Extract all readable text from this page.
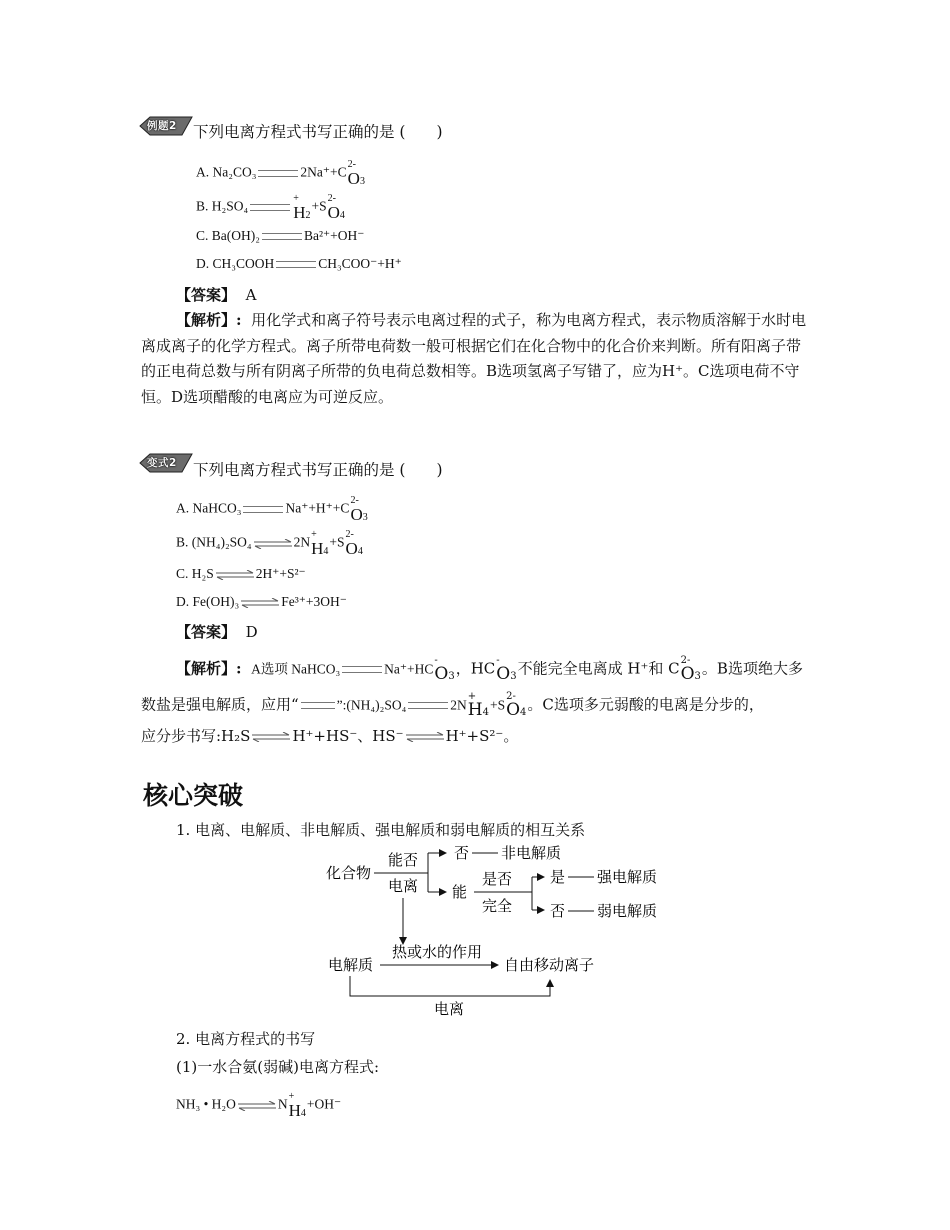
例题2 下列电离方程式书写正确的是 (　　)
A. Na₂CO₃	2Na⁺+C
2-
O3
B. H₂SO₄
+
H2
+S
2-
O4
C. Ba(OH)₂	Ba²⁺+OH⁻
D. CH₃COOH	CH₃COO⁻+H⁺
【答案】 A
【解析】: 用化学式和离子符号表示电离过程的式子，称为电离方程式，表示物质溶解于水时电离成离子的化学方程式。离子所带电荷数一般可根据它们在化合物中的化合价来判断。所有阳离子带的正电荷总数与所有阴离子所带的负电荷总数相等。B选项氢离子写错了，应为H⁺。C选项电荷不守恒。D选项醋酸的电离应为可逆反应。
变式2 下列电离方程式书写正确的是 (　　)
A. NaHCO₃	Na⁺+H⁺+C
2-
O3
B. (NH₄)₂SO₄	2N
+
H4
+S
2-
O4
C. H₂S	2H⁺+S²⁻
D. Fe(OH)₃	Fe³⁺+3OH⁻
【答案】 D
【解析】: A选项 NaHCO₃	Na⁺+HC
-
O3 ，HC -
O3 不能完全电离成 H⁺和 C 2-
O3 。B选项绝大多
数盐是强电解质，应用“	”:(NH₄)₂SO₄	2N
+
H4 +S
2-
O4 。C选项多元弱酸的电离是分步的，
应分步书写:H₂S	H⁺+HS⁻、HS⁻	H⁺+S²⁻。
核心突破
1. 电离、电解质、非电解质、强电解质和弱电解质的相互关系
化合物
能否
电离
否 非电解质
能
是否
完全
是 强电解质
否 弱电解质
电解质
热或水的作用
自由移动离子
电离
2. 电离方程式的书写
(1)一水合氨(弱碱)电离方程式:
NH₃ • H₂O	N
+
H4
+OH⁻
